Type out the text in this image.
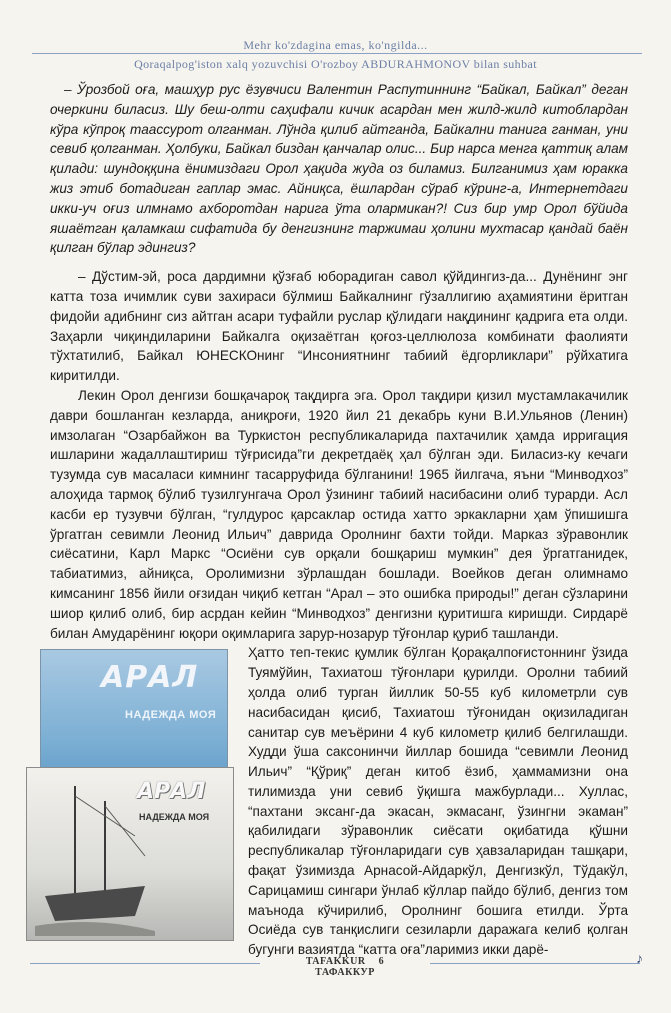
Mehr ko'zdagina emas, ko'ngilda...
Qoraqalpog'iston xalq yozuvchisi O'rozboy ABDURAHMONOV bilan suhbat

– Ўрозбой оға, машҳур рус ёзувчиси Валентин Распутиннинг “Байкал, Байкал” деган очеркини биласиз. Шу беш-олти саҳифали кичик асардан мен жилд-жилд китоблардан кўра кўпроқ таассурот олганман. Лўнда қилиб айтганда, Байкални танига ганман, уни севиб қолганман. Ҳолбуки, Байкал биздан қанчалар олис... Бир нарса менга қаттиқ алам қилади: шундоққина ёнимиздаги Орол ҳақида жуда оз биламиз. Билганимиз ҳам юракка жиз этиб ботадиган гаплар эмас. Айниқса, ёшлардан сўраб кўринг-а, Интернетдаги икки-уч оғиз илмнамо ахборотдан нарига ўта олармикан?! Сиз бир умр Орол бўйида яшаётган қаламкаш сифатида бу денгизнинг таржимаи ҳолини мухтасар қандай баён қилган бўлар эдингиз?

– Дўстим-эй, роса дардимни қўзғаб юборадиган савол қўйдингиз-да... Дунёнинг энг катта тоза ичимлик суви захираси бўлмиш Байкалнинг гўзаллигию аҳамиятини ёритган фидойи адибнинг сиз айтган асари туфайли руслар қўлидаги нақдининг қадрига ета олди. Заҳарли чиқиндиларини Байкалга оқизаётган қоғоз-целлюлоза комбинати фаолияти тўхтатилиб, Байкал ЮНЕСКОнинг “Инсониятнинг табиий ёдгорликлари” рўйхатига киритилди.

Лекин Орол денгизи бошқачароқ тақдирга эга. Орол тақдири қизил мустамлакачилик даври бошланган кезларда, аниқроғи, 1920 йил 21 декабрь куни В.И.Ульянов (Ленин) имзолаган “Озарбайжон ва Туркистон республикаларида пахтачилик ҳамда ирригация ишларини жадаллаштириш тўғрисида”ги декретдаёқ ҳал бўлган эди. Биласиз-ку кечаги тузумда сув масаласи кимнинг тасарруфида бўлганини! 1965 йилгача, яъни “Минводхоз” алоҳида тармоқ бўлиб тузилгунгача Орол ўзининг табиий насибасини олиб турарди. Асл касби ер тузувчи бўлган, “гулдурос қарсаклар остида хатто эркакларни ҳам ўпишишга ўргатган севимли Леонид Ильич” даврида Оролнинг бахти тойди. Марказ зўравонлик сиёсатини, Карл Маркс “Осиёни сув орқали бошқариш мумкин” дея ўргатганидек, табиатимиз, айниқса, Оролимизни зўрлашдан бошлади. Воейков деган олимнамо кимсанинг 1856 йили оғзидан чиқиб кетган “Арал – это ошибка природы!” деган сўзларини шиор қилиб олиб, бир асрдан кейин “Минводхоз” денгизни қуритишга киришди. Сирдарё билан Амударёнинг юқори оқимларига зарур-нозарур тўғонлар қуриб ташланди.

АРАЛ
НАДЕЖДА МОЯ
АРАЛ
НАДЕЖДА МОЯ

Ҳатто теп-текис қумлик бўлган Қорақалпоғистоннинг ўзида Туямўйин, Тахиатош тўғонлари қурилди. Оролни табиий ҳолда олиб турган йиллик 50-55 куб километрли сув насибасидан қисиб, Тахиатош тўғонидан оқизиладиган санитар сув меъёрини 4 куб километр қилиб белгилашди. Худди ўша саксонинчи йиллар бошида “севимли Леонид Ильич” “Қўриқ” деган китоб ёзиб, ҳаммамизни она тилимизда уни севиб ўқишга мажбурлади... Хуллас, “пахтани эксанг-да экасан, экмасанг, ўзингни экаман” қабилидаги зўравонлик сиёсати оқибатида қўшни республикалар тўғонларидаги сув ҳавзаларидан ташқари, фақат ўзимизда Арнасой-Айдаркўл, Денгизкўл, Тўдакўл, Сарицамиш сингари ўнлаб кўллар пайдо бўлиб, денгиз том маънода кўчирилиб, Оролнинг бошига етилди. Ўрта Осиёда сув танқислиги сезиларли даражага келиб қолган бугунги вазиятда “катта оға”ларимиз икки дарё-

TAFAKKUR 6 ТАФАККУР
♪
